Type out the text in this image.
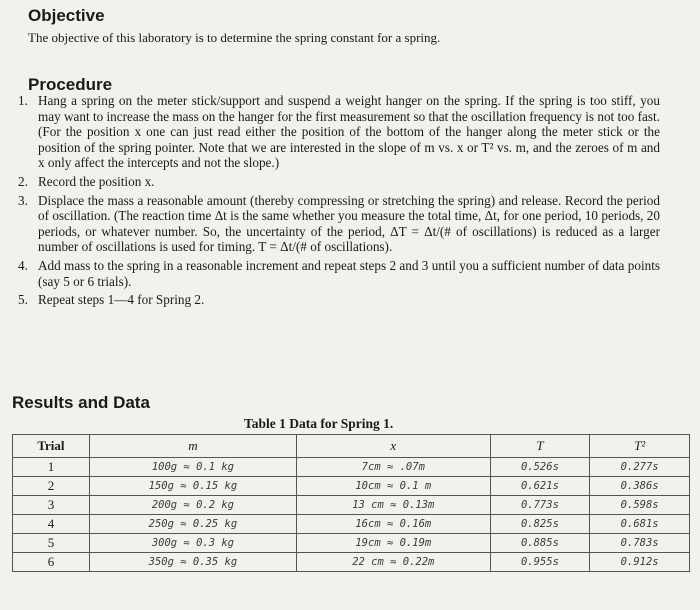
Objective
The objective of this laboratory is to determine the spring constant for a spring.
Procedure
1. Hang a spring on the meter stick/support and suspend a weight hanger on the spring. If the spring is too stiff, you may want to increase the mass on the hanger for the first measurement so that the oscillation frequency is not too fast. (For the position x one can just read either the position of the bottom of the hanger along the meter stick or the position of the spring pointer. Note that we are interested in the slope of m vs. x or T² vs. m, and the zeroes of m and x only affect the intercepts and not the slope.)
2. Record the position x.
3. Displace the mass a reasonable amount (thereby compressing or stretching the spring) and release. Record the period of oscillation. (The reaction time Δt is the same whether you measure the total time, Δt, for one period, 10 periods, 20 periods, or whatever number. So, the uncertainty of the period, ΔT = Δt/(# of oscillations) is reduced as a larger number of oscillations is used for timing. T = Δt/(# of oscillations).
4. Add mass to the spring in a reasonable increment and repeat steps 2 and 3 until you a sufficient number of data points (say 5 or 6 trials).
5. Repeat steps 1—4 for Spring 2.
Results and Data
Table 1 Data for Spring 1.
Trial	m	x	T	T²
1	100g ≈ 0.1 kg	7cm ≈ .07m	0.526s	0.277s
2	150g ≈ 0.15 kg	10cm ≈ 0.1 m	0.621s	0.386s
3	200g ≈ 0.2 kg	13 cm ≈ 0.13m	0.773s	0.598s
4	250g ≈ 0.25 kg	16cm ≈ 0.16m	0.825s	0.681s
5	300g ≈ 0.3 kg	19cm ≈ 0.19m	0.885s	0.783s
6	350g ≈ 0.35 kg	22 cm ≈ 0.22m	0.955s	0.912s
